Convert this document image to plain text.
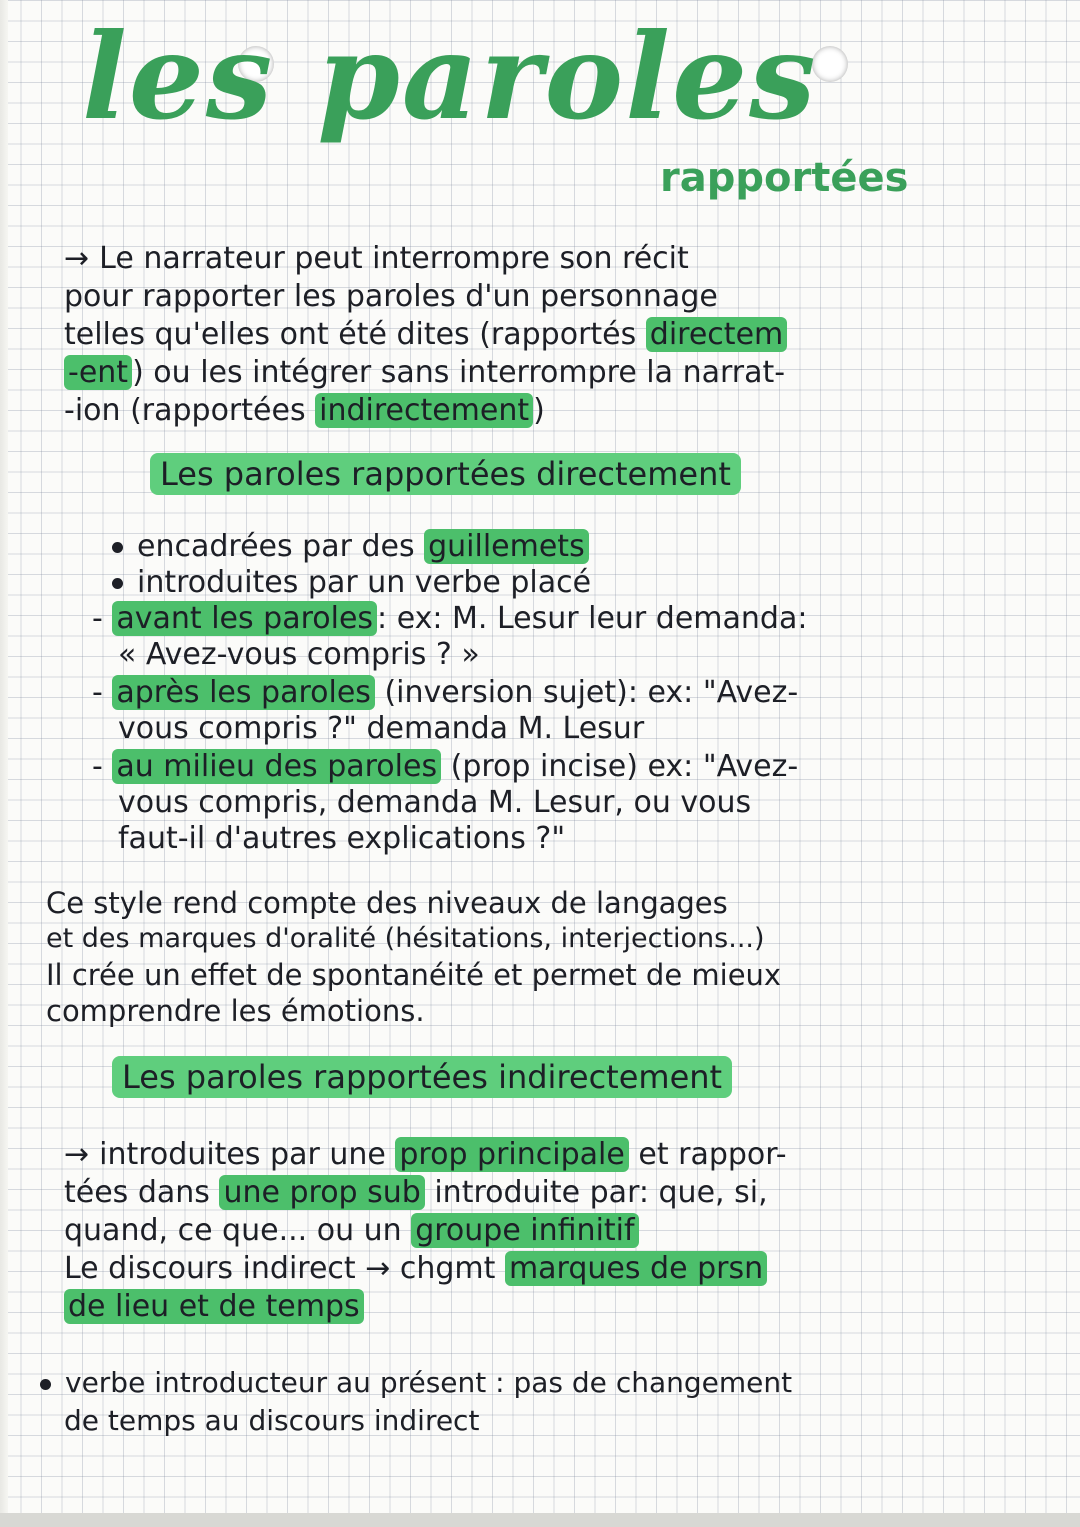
les paroles
rapportées
→ Le narrateur peut interrompre son récit
pour rapporter les paroles d'un personnage
telles qu'elles ont été dites (rapportés directem
-ent ) ou les intégrer sans interrompre la narrat-
-ion (rapportées indirectement )
Les paroles rapportées directement
encadrées par des guillemets
introduites par un verbe placé
- avant les paroles : ex: M. Lesur leur demanda:
« Avez-vous compris ? »
- après les paroles (inversion sujet): ex: "Avez-
vous compris ?" demanda M. Lesur
- au milieu des paroles (prop incise) ex: "Avez-
vous compris, demanda M. Lesur, ou vous
faut-il d'autres explications ?"
Ce style rend compte des niveaux de langages
et des marques d'oralité (hésitations, interjections...)
Il crée un effet de spontanéité et permet de mieux
comprendre les émotions.
Les paroles rapportées indirectement
→ introduites par une prop principale et rappor-
tées dans une prop sub introduite par: que, si,
quand, ce que... ou un groupe infinitif
Le discours indirect → chgmt marques de prsn
de lieu et de temps
verbe introducteur au présent : pas de changement
de temps au discours indirect
